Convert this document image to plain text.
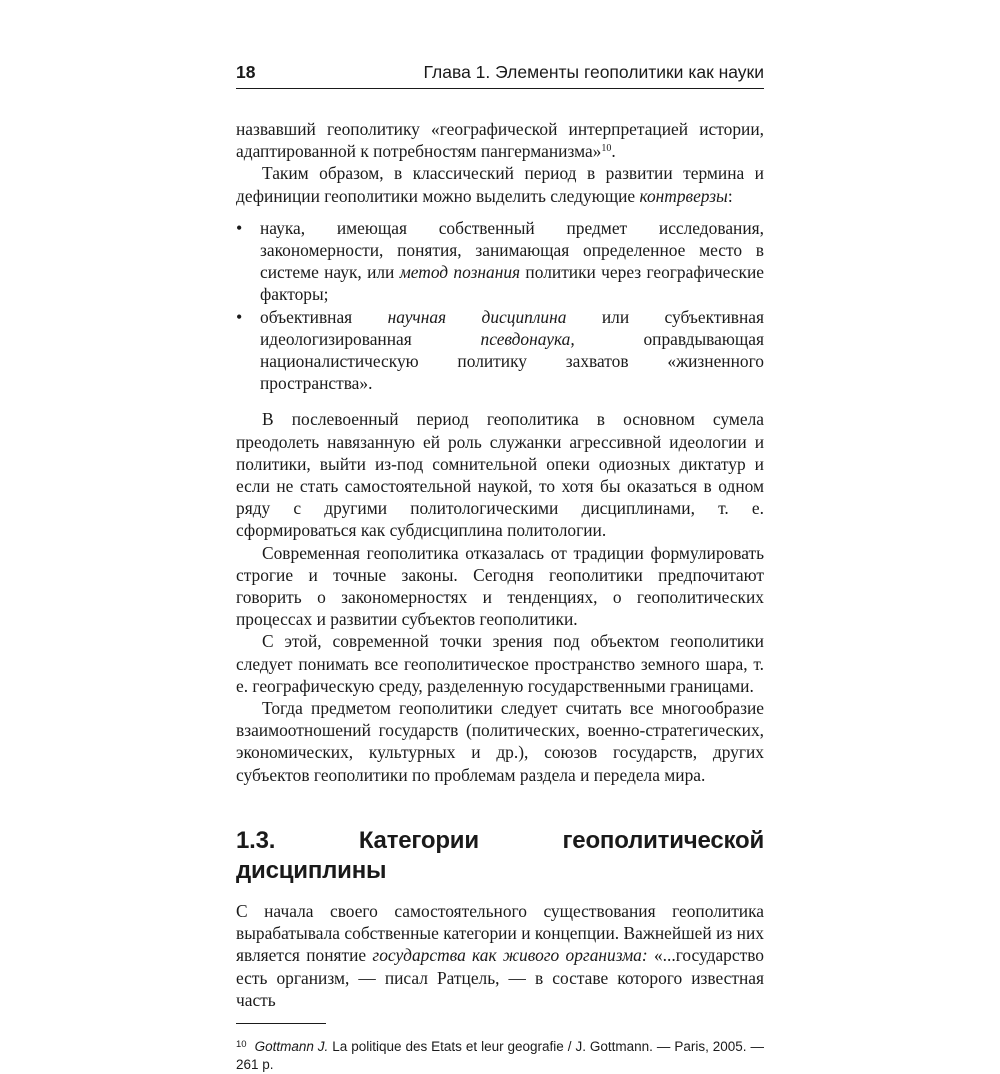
18	Глава 1. Элементы геополитики как науки

назвавший геополитику «географической интерпретацией истории, адаптированной к потребностям пангерманизма»$^{10}$.

Таким образом, в классический период в развитии термина и дефиниции геополитики можно выделить следующие контрверзы:

• наука, имеющая собственный предмет исследования, закономерности, понятия, занимающая определенное место в системе наук, или метод познания политики через географические факторы;
• объективная научная дисциплина или субъективная идеологизированная псевдонаука, оправдывающая националистическую политику захватов «жизненного пространства».

В послевоенный период геополитика в основном сумела преодолеть навязанную ей роль служанки агрессивной идеологии и политики, выйти из-под сомнительной опеки одиозных диктатур и если не стать самостоятельной наукой, то хотя бы оказаться в одном ряду с другими политологическими дисциплинами, т. е. сформироваться как субдисциплина политологии.

Современная геополитика отказалась от традиции формулировать строгие и точные законы. Сегодня геополитики предпочитают говорить о закономерностях и тенденциях, о геополитических процессах и развитии субъектов геополитики.

С этой, современной точки зрения под объектом геополитики следует понимать все геополитическое пространство земного шара, т. е. географическую среду, разделенную государственными границами.

Тогда предметом геополитики следует считать все многообразие взаимоотношений государств (политических, военно-стратегических, экономических, культурных и др.), союзов государств, других субъектов геополитики по проблемам раздела и передела мира.

1.3. Категории геополитической дисциплины

С начала своего самостоятельного существования геополитика вырабатывала собственные категории и концепции. Важнейшей из них является понятие государства как живого организма: «...государство есть организм, — писал Ратцель, — в составе которого известная часть

$^{10}$ Gottmann J. La politique des Etats et leur geografie / J. Gottmann. — Paris, 2005. — 261 p.
